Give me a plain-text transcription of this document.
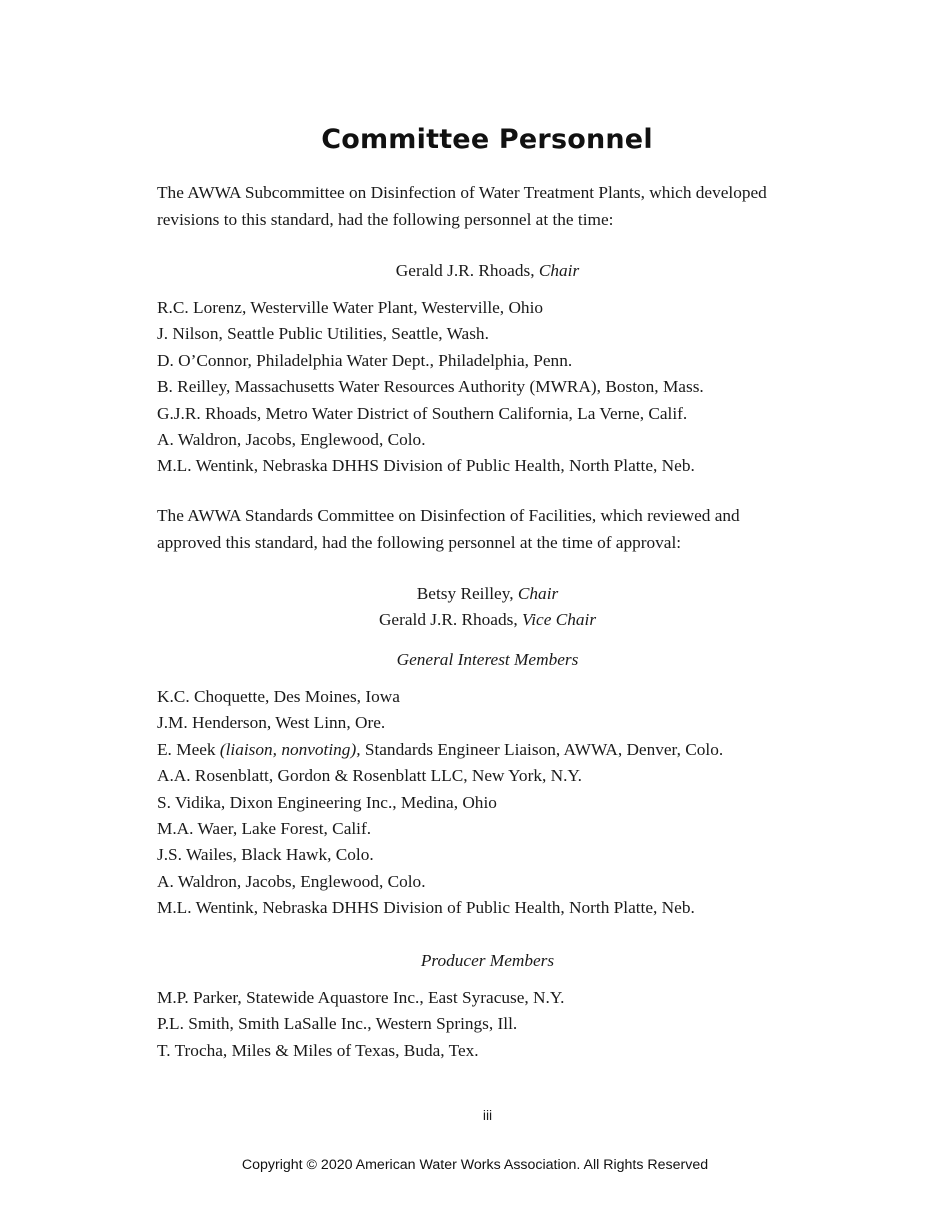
Committee Personnel

The AWWA Subcommittee on Disinfection of Water Treatment Plants, which developed revisions to this standard, had the following personnel at the time:

Gerald J.R. Rhoads, Chair
R.C. Lorenz, Westerville Water Plant, Westerville, Ohio
J. Nilson, Seattle Public Utilities, Seattle, Wash.
D. O’Connor, Philadelphia Water Dept., Philadelphia, Penn.
B. Reilley, Massachusetts Water Resources Authority (MWRA), Boston, Mass.
G.J.R. Rhoads, Metro Water District of Southern California, La Verne, Calif.
A. Waldron, Jacobs, Englewood, Colo.
M.L. Wentink, Nebraska DHHS Division of Public Health, North Platte, Neb.

The AWWA Standards Committee on Disinfection of Facilities, which reviewed and approved this standard, had the following personnel at the time of approval:

Betsy Reilley, Chair
Gerald J.R. Rhoads, Vice Chair
General Interest Members
K.C. Choquette, Des Moines, Iowa
J.M. Henderson, West Linn, Ore.
E. Meek (liaison, nonvoting), Standards Engineer Liaison, AWWA, Denver, Colo.
A.A. Rosenblatt, Gordon & Rosenblatt LLC, New York, N.Y.
S. Vidika, Dixon Engineering Inc., Medina, Ohio
M.A. Waer, Lake Forest, Calif.
J.S. Wailes, Black Hawk, Colo.
A. Waldron, Jacobs, Englewood, Colo.
M.L. Wentink, Nebraska DHHS Division of Public Health, North Platte, Neb.
Producer Members
M.P. Parker, Statewide Aquastore Inc., East Syracuse, N.Y.
P.L. Smith, Smith LaSalle Inc., Western Springs, Ill.
T. Trocha, Miles & Miles of Texas, Buda, Tex.
iii
Copyright © 2020 American Water Works Association. All Rights Reserved
